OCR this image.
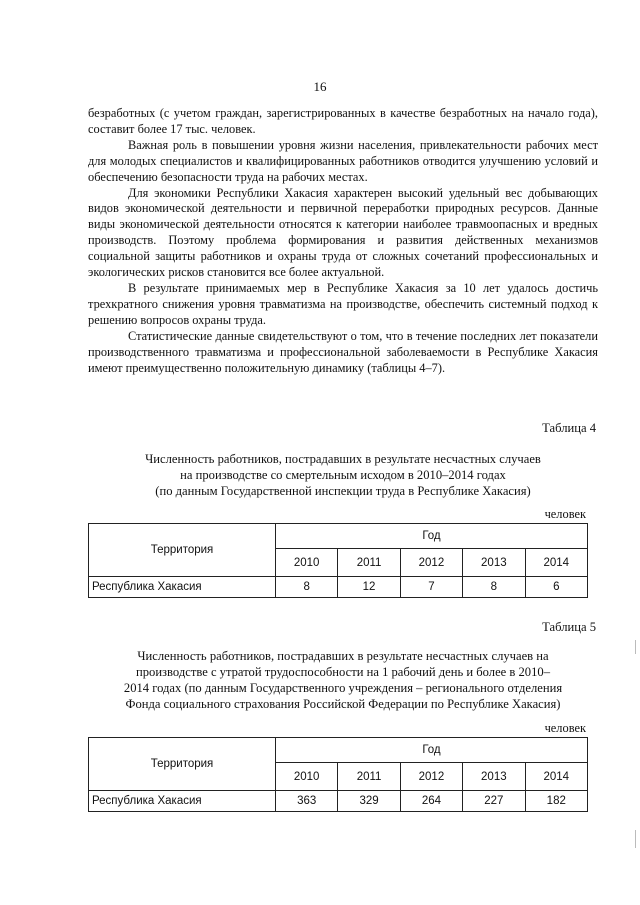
16

безработных (с учетом граждан, зарегистрированных в качестве безработных на начало года), составит более 17 тыс. человек.

Важная роль в повышении уровня жизни населения, привлекательности рабочих мест для молодых специалистов и квалифицированных работников отводится улучшению условий и обеспечению безопасности труда на рабочих местах.

Для экономики Республики Хакасия характерен высокий удельный вес добывающих видов экономической деятельности и первичной переработки природных ресурсов. Данные виды экономической деятельности относятся к категории наиболее травмоопасных и вредных производств. Поэтому проблема формирования и развития действенных механизмов социальной защиты работников и охраны труда от сложных сочетаний профессиональных и экологических рисков становится все более актуальной.

В результате принимаемых мер в Республике Хакасия за 10 лет удалось достичь трехкратного снижения уровня травматизма на производстве, обеспечить системный подход к решению вопросов охраны труда.

Статистические данные свидетельствуют о том, что в течение последних лет показатели производственного травматизма и профессиональной заболеваемости в Республике Хакасия имеют преимущественно положительную динамику (таблицы 4–7).

Таблица 4
Численность работников, пострадавших в результате несчастных случаев
на производстве со смертельным исходом в 2010–2014 годах
(по данным Государственной инспекции труда в Республике Хакасия)
человек
Территория	Год				
	2010	2011	2012	2013	2014
Республика Хакасия	8	12	7	8	6
Таблица 5
Численность работников, пострадавших в результате несчастных случаев на
производстве с утратой трудоспособности на 1 рабочий день и более в 2010–
2014 годах (по данным Государственного учреждения – регионального отделения
Фонда социального страхования Российской Федерации по Республике Хакасия)
человек
Территория	Год				
	2010	2011	2012	2013	2014
Республика Хакасия	363	329	264	227	182
